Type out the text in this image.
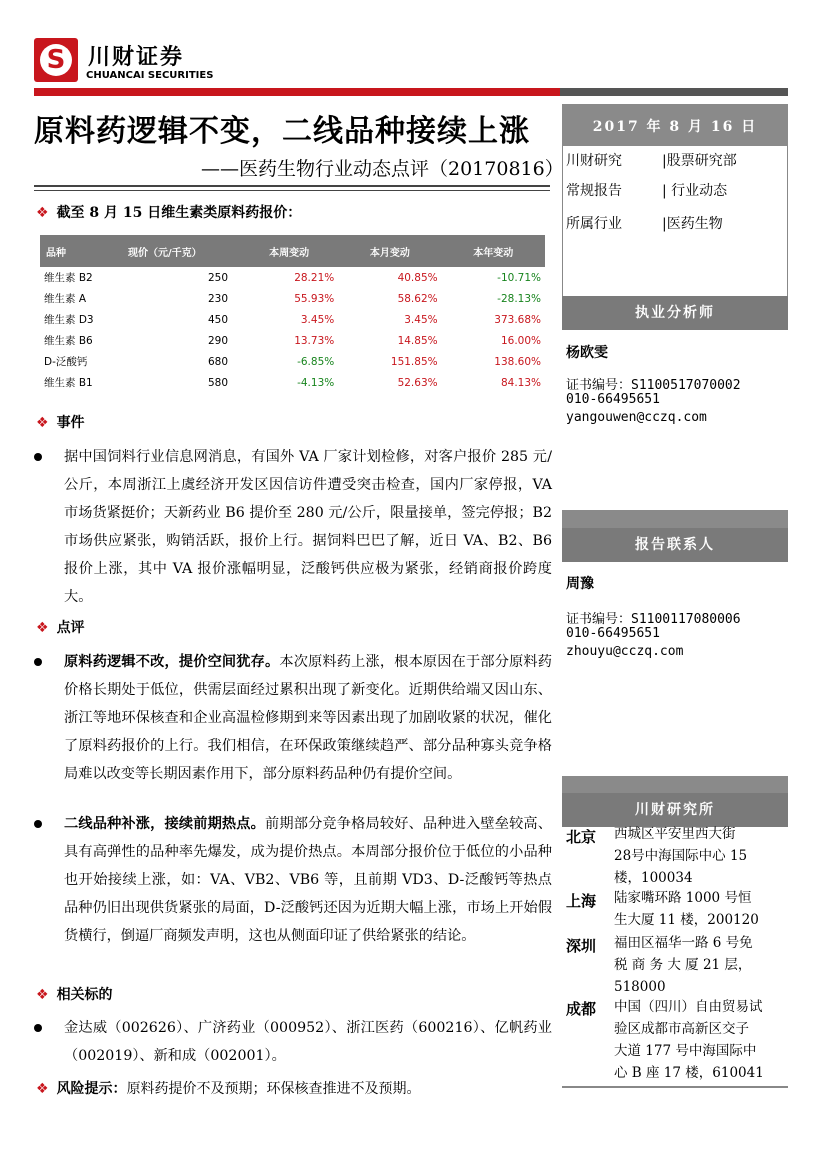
S	川财证券
CHUANCAI SECURITIES
原料药逻辑不变，二线品种接续上涨
——医药生物行业动态点评（20170816）
❖ 截至 8 月 15 日维生素类原料药报价：
品种	现价（元/千克）	本周变动	本月变动	本年变动
维生素 B2	250	28.21%	40.85%	-10.71%
维生素 A	230	55.93%	58.62%	-28.13%
维生素 D3	450	3.45%	3.45%	373.68%
维生素 B6	290	13.73%	14.85%	16.00%
D-泛酸钙	680	-6.85%	151.85%	138.60%
维生素 B1	580	-4.13%	52.63%	84.13%
❖ 事件
据中国饲料行业信息网消息，有国外 VA 厂家计划检修，对客户报价 285 元/公斤，本周浙江上虞经济开发区因信访件遭受突击检查，国内厂家停报，VA 市场货紧挺价；天新药业 B6 提价至 280 元/公斤，限量接单，签完停报；B2 市场供应紧张，购销活跃，报价上行。据饲料巴巴了解，近日 VA、B2、B6 报价上涨，其中 VA 报价涨幅明显，泛酸钙供应极为紧张，经销商报价跨度大。
❖ 点评
原料药逻辑不改，提价空间犹存。本次原料药上涨，根本原因在于部分原料药价格长期处于低位，供需层面经过累积出现了新变化。近期供给端又因山东、浙江等地环保核查和企业高温检修期到来等因素出现了加剧收紧的状况，催化了原料药报价的上行。我们相信，在环保政策继续趋严、部分品种寡头竞争格局难以改变等长期因素作用下，部分原料药品种仍有提价空间。
二线品种补涨，接续前期热点。前期部分竞争格局较好、品种进入壁垒较高、具有高弹性的品种率先爆发，成为提价热点。本周部分报价位于低位的小品种也开始接续上涨，如：VA、VB2、VB6 等，且前期 VD3、D-泛酸钙等热点品种仍旧出现供货紧张的局面，D-泛酸钙还因为近期大幅上涨，市场上开始假货横行，倒逼厂商频发声明，这也从侧面印证了供给紧张的结论。
❖ 相关标的
金达威（002626）、广济药业（000952）、浙江医药（600216）、亿帆药业（002019）、新和成（002001）。
❖ 风险提示：原料药提价不及预期；环保核查推进不及预期。
2017 年 8 月 16 日
川财研究	|股票研究部
常规报告	| 行业动态
所属行业	|医药生物
执业分析师
杨欧雯
证书编号：S1100517070002
010-66495651
yangouwen@cczq.com
报告联系人
周豫
证书编号：S1100117080006
010-66495651
zhouyu@cczq.com
川财研究所
北京 西城区平安里西大街
28号中海国际中心 15
楼，100034
上海 陆家嘴环路 1000 号恒
生大厦 11 楼，200120
深圳 福田区福华一路 6 号免
税 商 务 大 厦 21 层，
518000
成都 中国（四川）自由贸易试
验区成都市高新区交子
大道 177 号中海国际中
心 B 座 17 楼，610041
